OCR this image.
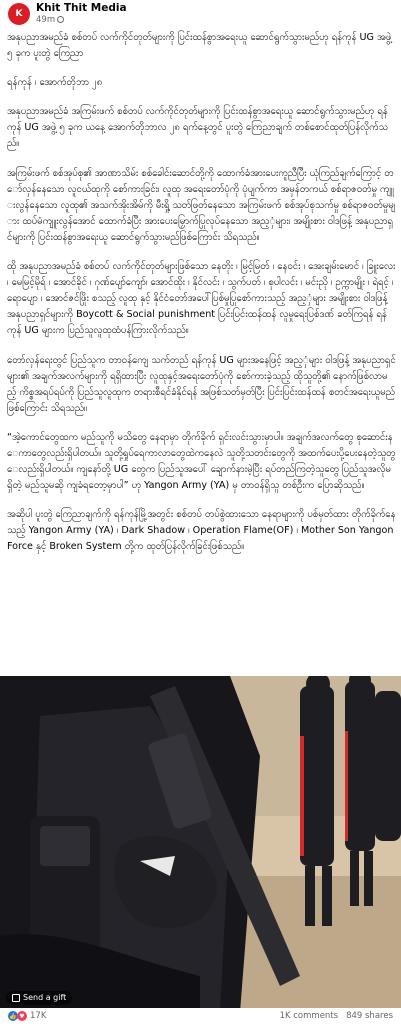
K Khit Thit Media
49m

အနုပညာအမည်ခံ စစ်တပ် လက်ကိုင်တုတ်များကို ပြင်းထန်စွာအရေးယူ ဆောင်ရွက်သွားမည်ဟု ရန်ကုန် UG အဖွဲ့ ၅ ခုက ပူးတွဲ ကြေညာ

ရန်ကုန် ၊ အောက်တိုဘာ ၂၈

အနုပညာအမည်ခံ အကြမ်းဖက် စစ်တပ် လက်ကိုင်တုတ်များကို ပြင်းထန်စွာအရေးယူ ဆောင်ရွက်သွားမည်ဟု ရန်ကုန် UG အဖွဲ့ ၅ ခုက ယနေ့ အောက်တိုဘာလ ၂၈ ရက်နေ့တွင် ပူးတွဲ ကြေညာချက် တစ်စောင်ထုတ်ပြန်လိုက်သည်။

အကြမ်းဖက် စစ်အုပ်စု၏ အာဏာသိမ်း စစ်ခေါင်းဆောင်တို့ကို ထောက်ခံအားပေးကူညီပြီး ယုံကြည်ချက်ကြောင့် တော်လှန်နေသော လူငယ်ထုကို စော်ကားခြင်း၊ လူထု အရေးတော်ပုံကို ပုံပျက်ကာ အမှန်တကယ် စစ်ရာဇဝတ်မှု ကျူးလွန်နေသော လူထု၏ အသက်အိုးအိမ်ကို မီးရှို့ သတ်ဖြတ်နေသော အကြမ်းဖက် စစ်အုပ်စုသက်မှု စစ်ရာဇဝတ်မှုများ ထပ်မံကျူးလွန်အောင် ထောက်ခံပြီး အားပေးမြှောက်ပြုလုပ်နေသော အည့ှံများ၊ အမျိုးစား ဝါဒဖြန့် အနုပညာရှင်များကို ပြင်းထန်စွာအရေးယူ ဆောင်ရွက်သွားမည်ဖြစ်ကြောင်း သိရသည်။

ထို အနုပညာအမည်ခံ စစ်တပ် လက်ကိုင်တုတ်များဖြစ်သော နေတိုး ၊ မြင့်မြတ် ၊ နေဝင်း ၊ အေးချမ်းမောင် ၊ ခြူးလေး ၊ မေမြင့်မိုရ် ၊ အောင်ခိုင် ၊ ဂုဏ်ပျော်ကျော်၊ အောင်ထိုး ၊ နိုင်လင်း ၊ သွက်ပတ် ၊ စုပါလင်း ၊ မင်းညို ၊ ဥက္ကာမျိုး ၊ ရဲရင့် ၊ ရောပျော ၊ အောင်ဇင်ဖြိုး စသည့် လူထု နှင့် နိုင်ငံတော်အပေါ်ပြစ်မှုပြုစော်ကားသည့် အည့ှံများ အမျိုးစား ဝါဒဖြန့် အနုပညာရှင်များကို Boycott & Social punishment ပြင်းပြင်းထန်ထန် လူမှုရေးပြစ်ဒဏ် ခတ်ကြရန် ရန်ကုန် UG များက ပြည်သူလူထုထံပန်ကြားလိုက်သည်။

တော်လှန်ရေးတွင် ပြည်သူက တာဝန်ကျေ သက်တည် ရန်ကုန် UG များအနေဖြင့် အည့ှံများ ဝါဒဖြန့် အနုပညာရှင်များ၏ အချက်အလက်များကို ရရှိထားပြီး လူထုနှင့်အရေးတော်ပုံကို စော်ကားခဲ့သည့် ထိုသူတို့၏ နောက်ဖြစ်လာမည့် ကိစ္စအရပ်ရပ်ကို ပြည်သူလူထုက တရားစီရင်ခံနိုင်ရန် အဖြစ်သတ်မှတ်ပြီး ပြင်းပြင်းထန်ထန် စတင်အရေးယူမည် ဖြစ်ကြောင်း သိရသည်။

“အဲ့ကောင်တွေထက မည်သူကို မသိတွေ နေရာမှာ တိုက်ခိုက် ရှင်းလင်းသွားမှာပါ။ အချက်အလက်တွေ စုဆောင်းနေကာတွေလည်းရှိပါတယ်။ သူတို့ရှုပ်ရေကာလာတွေထဲကနေလဲ သူတို့သတင်းတွေကို အထက်ပေးပို့ပေးနေတဲ့သူတွေလည်းရှိပါတယ်။ ကျနော်တို့ UG တွေက ပြည်သူအပေါ် ချောက်နားမဲ့ပြီး ရပ်တည်ကြတဲ့သူတွေ ပြည်သူအလိုမရှိတဲ့ မည်သူမဆို ကျခံရတော့မှာပါ” ဟု Yangon Army (YA) မှ တာဝန်ရှိသူ တစ်ဦးက ပြောဆိုသည်။

အဆိုပါ ပူးတွဲ ကြေညာချက်ကို ရန်ကုန်မြို့အတွင်း စစ်တပ် တပ်စွဲထားသော နေရာများကို ပစ်မှတ်ထား တိုက်ခိုက်နေသည့် Yangon Army (YA) ၊ Dark Shadow ၊ Operation Flame(OF) ၊ Mother Son Yangon Force နှင့် Broken System တို့က ထုတ်ပြန်လိုက်ခြင်းဖြစ်သည်။

Send a gift
👍 ♥ 17K	1K comments 849 shares
